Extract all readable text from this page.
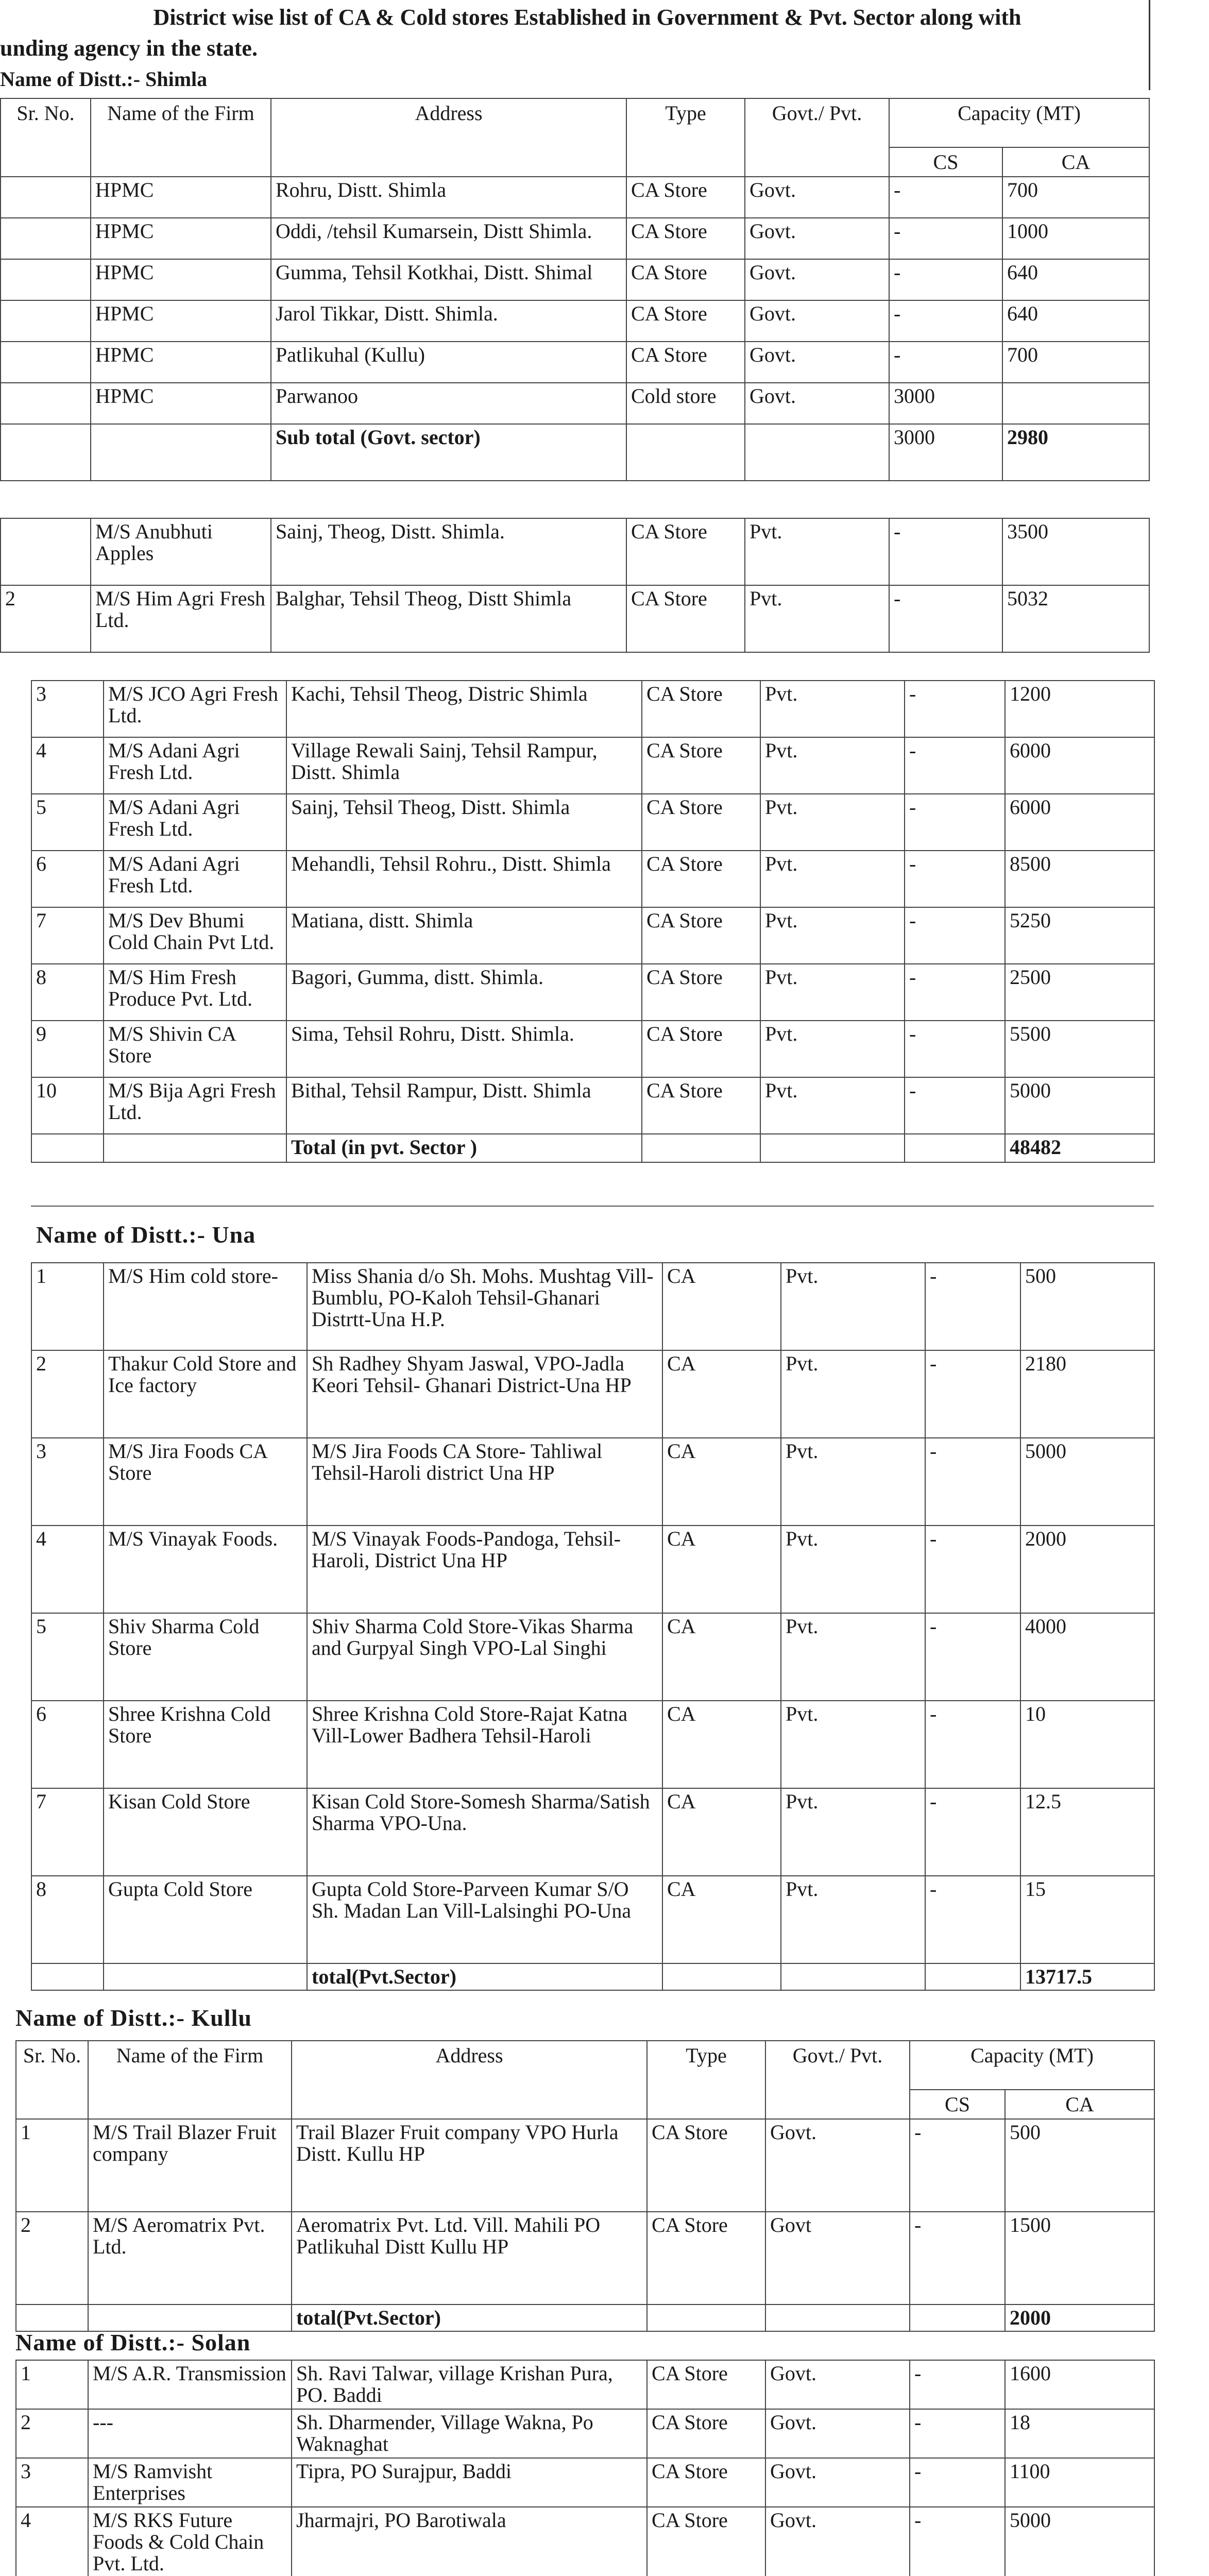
District wise list of CA & Cold stores Established in Government & Pvt. Sector along with
unding agency in the state.
Name of Distt.:- Shimla
Sr. No.	Name of the Firm	Address	Type	Govt./ Pvt.	Capacity (MT)	
					CS	CA
	HPMC	Rohru, Distt. Shimla	CA Store	Govt.	-	700
	HPMC	Oddi, /tehsil Kumarsein, Distt Shimla.	CA Store	Govt.	-	1000
	HPMC	Gumma, Tehsil Kotkhai, Distt. Shimal	CA Store	Govt.	-	640
	HPMC	Jarol Tikkar, Distt. Shimla.	CA Store	Govt.	-	640
	HPMC	Patlikuhal (Kullu)	CA Store	Govt.	-	700
	HPMC	Parwanoo	Cold store	Govt.	3000	
		Sub total (Govt. sector)			3000	2980
	M/S Anubhuti Apples	Sainj, Theog, Distt. Shimla.	CA Store	Pvt.	-	3500
2	M/S Him Agri Fresh Ltd.	Balghar, Tehsil Theog, Distt Shimla	CA Store	Pvt.	-	5032
3	M/S JCO Agri Fresh Ltd.	Kachi, Tehsil Theog, Distric Shimla	CA Store	Pvt.	-	1200
4	M/S Adani Agri Fresh Ltd.	Village Rewali Sainj, Tehsil Rampur, Distt. Shimla	CA Store	Pvt.	-	6000
5	M/S Adani Agri Fresh Ltd.	Sainj, Tehsil Theog, Distt. Shimla	CA Store	Pvt.	-	6000
6	M/S Adani Agri Fresh Ltd.	Mehandli, Tehsil Rohru., Distt. Shimla	CA Store	Pvt.	-	8500
7	M/S Dev Bhumi Cold Chain Pvt Ltd.	Matiana, distt. Shimla	CA Store	Pvt.	-	5250
8	M/S Him Fresh Produce Pvt. Ltd.	Bagori, Gumma, distt. Shimla.	CA Store	Pvt.	-	2500
9	M/S Shivin CA Store	Sima, Tehsil Rohru, Distt. Shimla.	CA Store	Pvt.	-	5500
10	M/S Bija Agri Fresh Ltd.	Bithal, Tehsil Rampur, Distt. Shimla	CA Store	Pvt.	-	5000
		Total (in pvt. Sector )				48482
Name of Distt.:- Una
1	M/S Him cold store-	Miss Shania d/o Sh. Mohs. Mushtag Vill-Bumblu, PO-Kaloh Tehsil-Ghanari Distrtt-Una H.P.	CA	Pvt.	-	500
2	Thakur Cold Store and Ice factory	Sh Radhey Shyam Jaswal, VPO-Jadla Keori Tehsil- Ghanari District-Una HP	CA	Pvt.	-	2180
3	M/S Jira Foods CA Store	M/S Jira Foods CA Store- Tahliwal Tehsil-Haroli district Una HP	CA	Pvt.	-	5000
4	M/S Vinayak Foods.	M/S Vinayak Foods-Pandoga, Tehsil-Haroli, District Una HP	CA	Pvt.	-	2000
5	Shiv Sharma Cold Store	Shiv Sharma Cold Store-Vikas Sharma and Gurpyal Singh VPO-Lal Singhi	CA	Pvt.	-	4000
6	Shree Krishna Cold Store	Shree Krishna Cold Store-Rajat Katna Vill-Lower Badhera Tehsil-Haroli	CA	Pvt.	-	10
7	Kisan Cold Store	Kisan Cold Store-Somesh Sharma/Satish Sharma VPO-Una.	CA	Pvt.	-	12.5
8	Gupta Cold Store	Gupta Cold Store-Parveen Kumar S/O Sh. Madan Lan Vill-Lalsinghi PO-Una	CA	Pvt.	-	15
		total(Pvt.Sector)				13717.5
Name of Distt.:- Kullu
Sr. No.	Name of the Firm	Address	Type	Govt./ Pvt.	Capacity (MT)	
					CS	CA
1	M/S Trail Blazer Fruit company	Trail Blazer Fruit company VPO Hurla Distt. Kullu HP	CA Store	Govt.	-	500
2	M/S Aeromatrix Pvt. Ltd.	Aeromatrix Pvt. Ltd. Vill. Mahili PO Patlikuhal Distt Kullu HP	CA Store	Govt	-	1500
		total(Pvt.Sector)				2000
Name of Distt.:- Solan
1	M/S A.R. Transmission	Sh. Ravi Talwar, village Krishan Pura, PO. Baddi	CA Store	Govt.	-	1600
2	---	Sh. Dharmender, Village Wakna, Po Waknaghat	CA Store	Govt.	-	18
3	M/S Ramvisht Enterprises	Tipra, PO Surajpur, Baddi	CA Store	Govt.	-	1100
4	M/S RKS Future Foods & Cold Chain Pvt. Ltd.	Jharmajri, PO Barotiwala	CA Store	Govt.	-	5000
